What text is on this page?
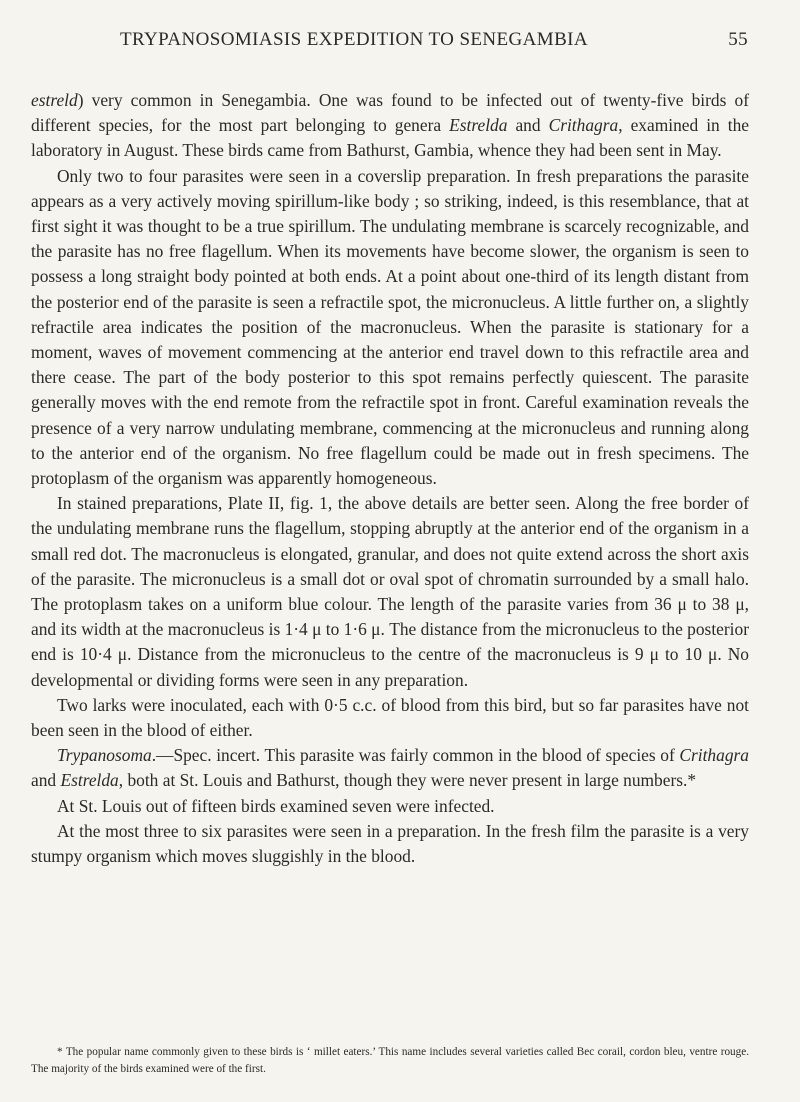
TRYPANOSOMIASIS EXPEDITION TO SENEGAMBIA	55

estreld) very common in Senegambia. One was found to be infected out of twenty-five birds of different species, for the most part belonging to genera Estrelda and Crithagra, examined in the laboratory in August. These birds came from Bathurst, Gambia, whence they had been sent in May.

Only two to four parasites were seen in a coverslip preparation. In fresh preparations the parasite appears as a very actively moving spirillum-like body ; so striking, indeed, is this resemblance, that at first sight it was thought to be a true spirillum. The undulating membrane is scarcely recognizable, and the parasite has no free flagellum. When its movements have become slower, the organism is seen to possess a long straight body pointed at both ends. At a point about one-third of its length distant from the posterior end of the parasite is seen a refractile spot, the micronucleus. A little further on, a slightly refractile area indicates the position of the macronucleus. When the parasite is stationary for a moment, waves of movement commencing at the anterior end travel down to this refractile area and there cease. The part of the body posterior to this spot remains perfectly quiescent. The parasite generally moves with the end remote from the refractile spot in front. Careful examination reveals the presence of a very narrow undulating membrane, commencing at the micronucleus and running along to the anterior end of the organism. No free flagellum could be made out in fresh specimens. The protoplasm of the organism was apparently homogeneous.

In stained preparations, Plate II, fig. 1, the above details are better seen. Along the free border of the undulating membrane runs the flagellum, stopping abruptly at the anterior end of the organism in a small red dot. The macronucleus is elongated, granular, and does not quite extend across the short axis of the parasite. The micronucleus is a small dot or oval spot of chromatin surrounded by a small halo. The protoplasm takes on a uniform blue colour. The length of the parasite varies from 36 μ to 38 μ, and its width at the macronucleus is 1·4 μ to 1·6 μ. The distance from the micronucleus to the posterior end is 10·4 μ. Distance from the micronucleus to the centre of the macronucleus is 9 μ to 10 μ. No developmental or dividing forms were seen in any preparation.

Two larks were inoculated, each with 0·5 c.c. of blood from this bird, but so far parasites have not been seen in the blood of either.

Trypanosoma.—Spec. incert. This parasite was fairly common in the blood of species of Crithagra and Estrelda, both at St. Louis and Bathurst, though they were never present in large numbers.*

At St. Louis out of fifteen birds examined seven were infected.

At the most three to six parasites were seen in a preparation. In the fresh film the parasite is a very stumpy organism which moves sluggishly in the blood.

* The popular name commonly given to these birds is ‘ millet eaters.’ This name includes several varieties called Bec corail, cordon bleu, ventre rouge. The majority of the birds examined were of the first.
